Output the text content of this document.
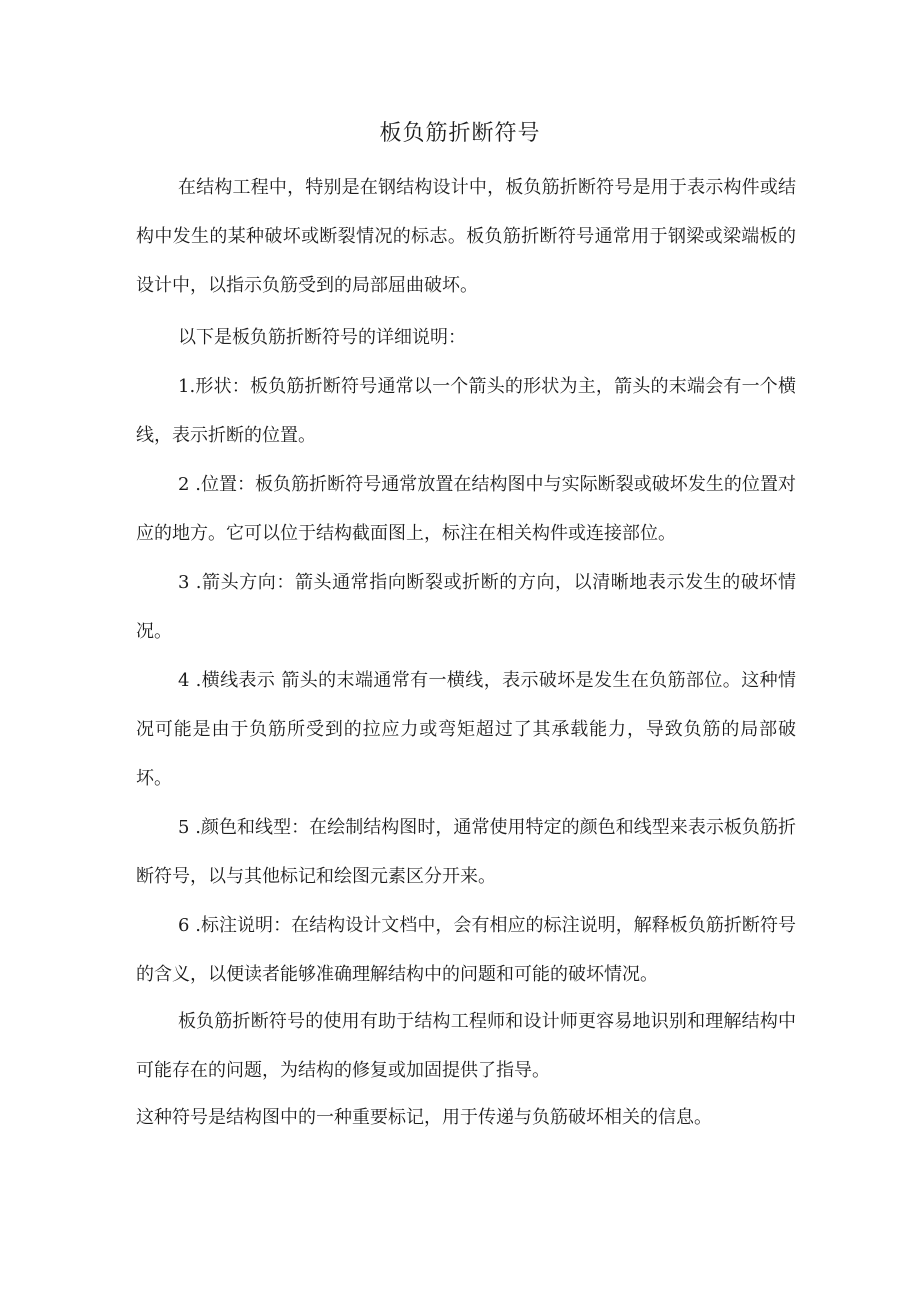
板负筋折断符号

在结构工程中，特别是在钢结构设计中，板负筋折断符号是用于表示构件或结构中发生的某种破坏或断裂情况的标志。板负筋折断符号通常用于钢梁或梁端板的设计中，以指示负筋受到的局部屈曲破坏。

以下是板负筋折断符号的详细说明：

1.形状：板负筋折断符号通常以一个箭头的形状为主，箭头的末端会有一个横线，表示折断的位置。

2 .位置：板负筋折断符号通常放置在结构图中与实际断裂或破坏发生的位置对应的地方。它可以位于结构截面图上，标注在相关构件或连接部位。

3 .箭头方向：箭头通常指向断裂或折断的方向，以清晰地表示发生的破坏情况。

4 .横线表示 箭头的末端通常有一横线，表示破坏是发生在负筋部位。这种情况可能是由于负筋所受到的拉应力或弯矩超过了其承载能力，导致负筋的局部破坏。

5 .颜色和线型：在绘制结构图时，通常使用特定的颜色和线型来表示板负筋折断符号，以与其他标记和绘图元素区分开来。

6 .标注说明：在结构设计文档中，会有相应的标注说明，解释板负筋折断符号的含义，以便读者能够准确理解结构中的问题和可能的破坏情况。

板负筋折断符号的使用有助于结构工程师和设计师更容易地识别和理解结构中可能存在的问题，为结构的修复或加固提供了指导。

这种符号是结构图中的一种重要标记，用于传递与负筋破坏相关的信息。
